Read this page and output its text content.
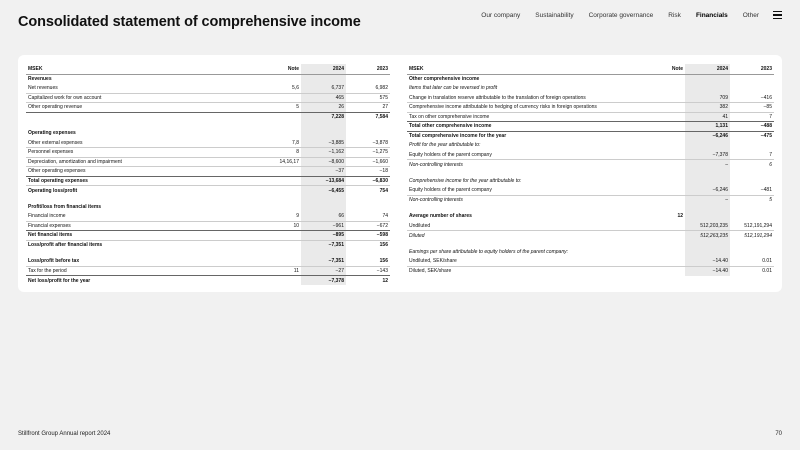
Consolidated statement of comprehensive income	Our company Sustainability Corporate governance Risk Financials Other
MSEK	Note	2024	2023
Revenues			
Net revenues	5,6	6,737	6,982
Capitalized work for own account		465	575
Other operating revenue	5	26	27
		7,228	7,584

Operating expenses			
Other external expenses	7,8	−3,885	−3,878
Personnel expenses	8	−1,162	−1,275
Depreciation, amortization and impairment	14,16,17	−8,600	−1,660
Other operating expenses		−37	−18
Total operating expenses		−13,684	−6,830
Operating loss/profit		−6,455	754

Profit/loss from financial items			
Financial income	9	66	74
Financial expenses	10	−961	−672
Net financial items		−895	−598
Loss/profit after financial items		−7,351	156

Loss/profit before tax		−7,351	156
Tax for the period	11	−27	−143
Net loss/profit for the year		−7,378	12
MSEK	Note	2024	2023
Other comprehensive income			
Items that later can be reversed in profit			
Change in translation reserve attributable to the translation of foreign operations		709	−416
Comprehensive income attributable to hedging of currency risks in foreign operations		382	−85
Tax on other comprehensive income		41	7
Total other comprehensive income		1,131	−488
Total comprehensive income for the year		−6,246	−475
Profit for the year attributable to:			
Equity holders of the parent company		−7,378	7
Non-controlling interests		–	6

Comprehensive income for the year attributable to:			
Equity holders of the parent company		−6,246	−481
Non-controlling interests		–	5

Average number of shares	12		
Undiluted		512,203,235	512,191,294
Diluted		512,263,235	512,191,294

Earnings per share attributable to equity holders of the parent company:			
Undiluted, SEK/share		−14.40	0.01
Diluted, SEK/share		−14.40	0.01
Stillfront Group Annual report 2024	70
